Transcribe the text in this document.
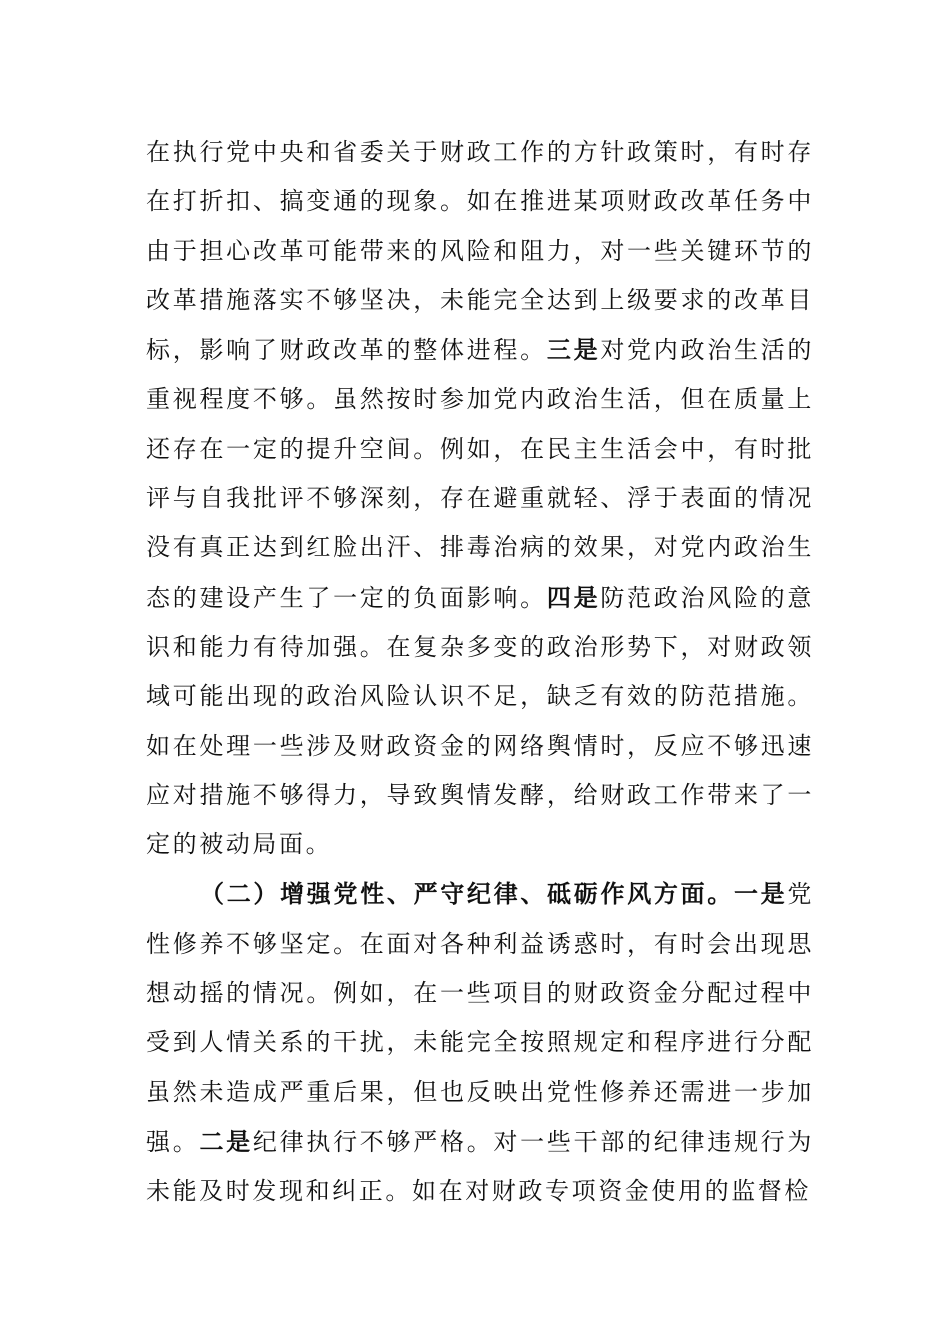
在执行党中央和省委关于财政工作的方针政策时，有时存在打折扣、搞变通的现象。如在推进某项财政改革任务中由于担心改革可能带来的风险和阻力，对一些关键环节的改革措施落实不够坚决，未能完全达到上级要求的改革目标，影响了财政改革的整体进程。三是对党内政治生活的重视程度不够。虽然按时参加党内政治生活，但在质量上还存在一定的提升空间。例如，在民主生活会中，有时批评与自我批评不够深刻，存在避重就轻、浮于表面的情况没有真正达到红脸出汗、排毒治病的效果，对党内政治生态的建设产生了一定的负面影响。四是防范政治风险的意识和能力有待加强。在复杂多变的政治形势下，对财政领域可能出现的政治风险认识不足，缺乏有效的防范措施。如在处理一些涉及财政资金的网络舆情时，反应不够迅速应对措施不够得力，导致舆情发酵，给财政工作带来了一定的被动局面。

（二）增强党性、严守纪律、砥砺作风方面。一是党性修养不够坚定。在面对各种利益诱惑时，有时会出现思想动摇的情况。例如，在一些项目的财政资金分配过程中受到人情关系的干扰，未能完全按照规定和程序进行分配虽然未造成严重后果，但也反映出党性修养还需进一步加强。二是纪律执行不够严格。对一些干部的纪律违规行为未能及时发现和纠正。如在对财政专项资金使用的监督检
